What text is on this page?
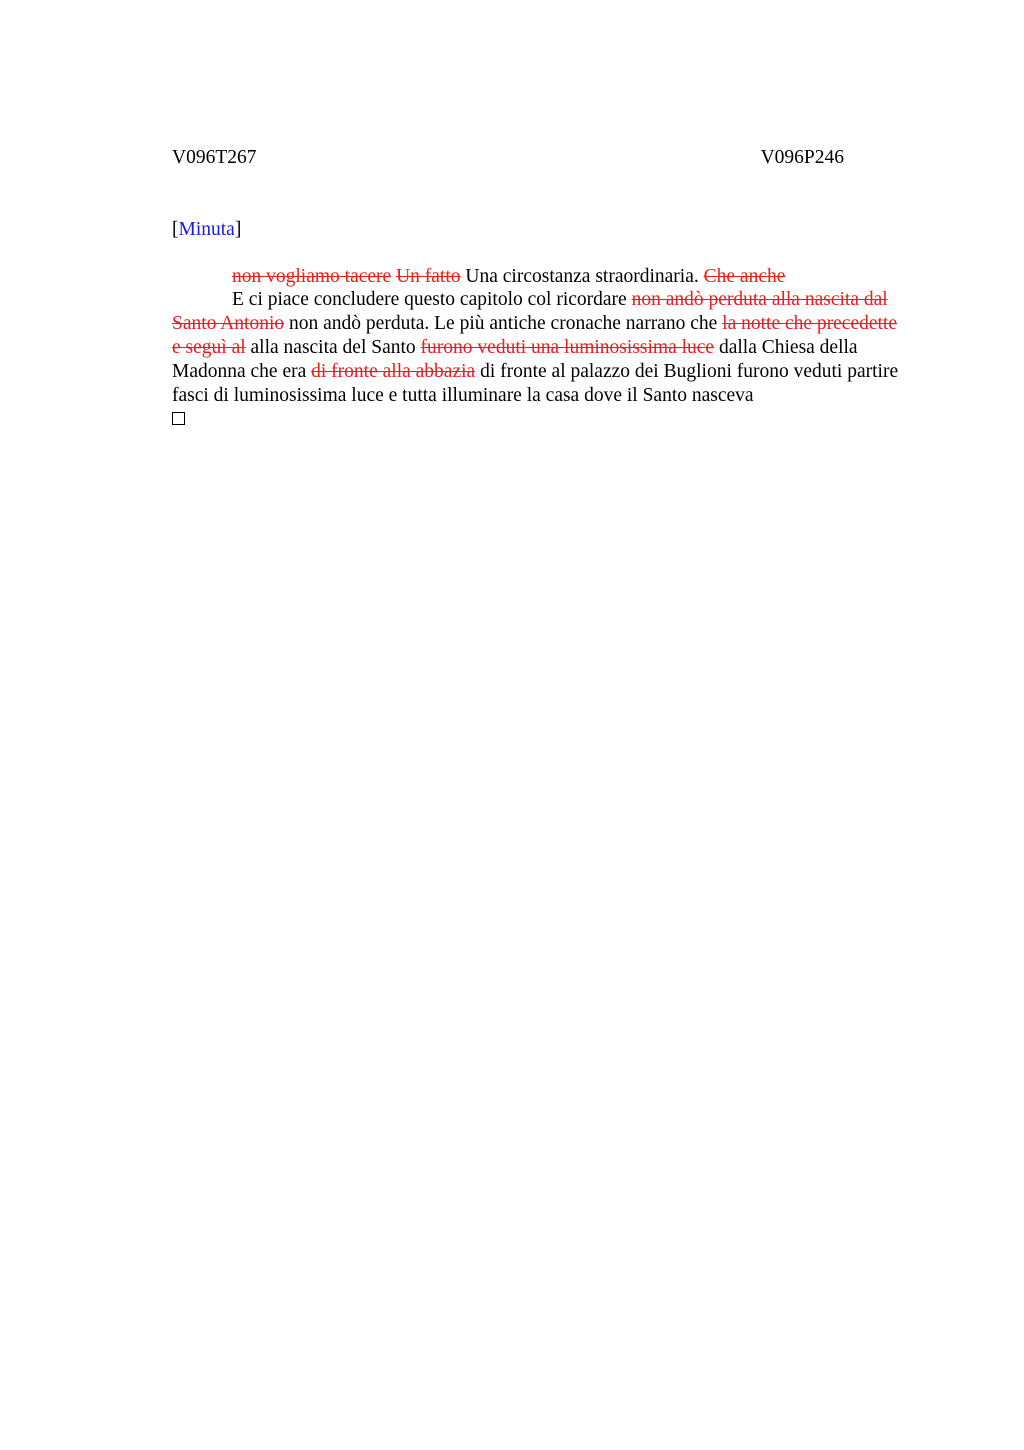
V096T267	V096P246
[Minuta]

non vogliamo tacere Un fatto Una circostanza straordinaria. Che anche

E ci piace concludere questo capitolo col ricordare non andò perduta alla nascita dal Santo Antonio non andò perduta. Le più antiche cronache narrano che la notte che precedette e seguì al alla nascita del Santo furono veduti una luminosissima luce dalla Chiesa della Madonna che era di fronte alla abbazia di fronte al palazzo dei Buglioni furono veduti partire fasci di luminosissima luce e tutta illuminare la casa dove il Santo nasceva
